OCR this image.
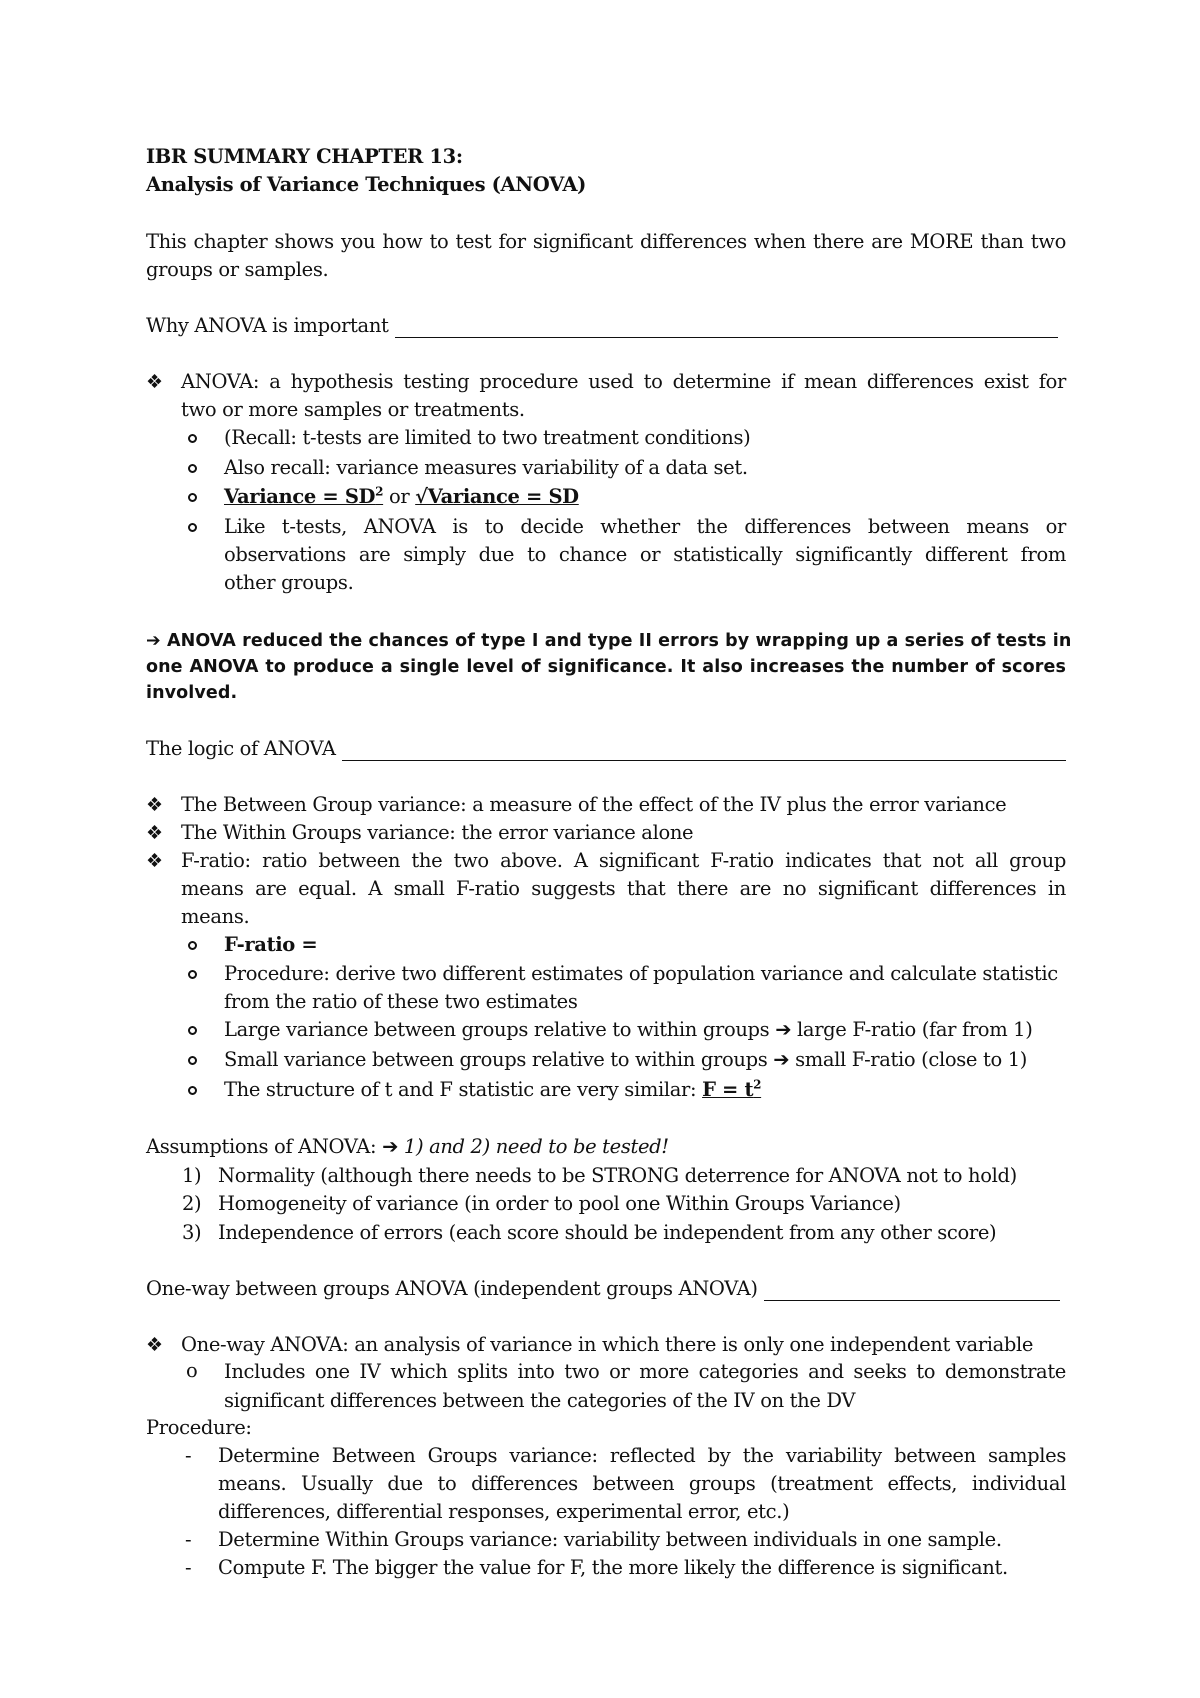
IBR SUMMARY CHAPTER 13:
Analysis of Variance Techniques (ANOVA)
This chapter shows you how to test for significant differences when there are MORE than two
groups or samples.
Why ANOVA is important
❖ ANOVA: a hypothesis testing procedure used to determine if mean differences exist for
two or more samples or treatments.
(Recall: t-tests are limited to two treatment conditions)
Also recall: variance measures variability of a data set.
Variance = $SD^2$ or √Variance = SD
Like t-tests, ANOVA is to decide whether the differences between means or
observations are simply due to chance or statistically significantly different from
other groups.
➔ ANOVA reduced the chances of type I and type II errors by wrapping up a series of tests in
one ANOVA to produce a single level of significance. It also increases the number of scores
involved.
The logic of ANOVA
❖ The Between Group variance: a measure of the effect of the IV plus the error variance
❖ The Within Groups variance: the error variance alone
❖ F-ratio: ratio between the two above. A significant F-ratio indicates that not all group
means are equal. A small F-ratio suggests that there are no significant differences in
means.
F-ratio =
Procedure: derive two different estimates of population variance and calculate statistic
from the ratio of these two estimates
Large variance between groups relative to within groups ➔ large F-ratio (far from 1)
Small variance between groups relative to within groups ➔ small F-ratio (close to 1)
The structure of t and F statistic are very similar: $F = t^2$
Assumptions of ANOVA: ➔ 1) and 2) need to be tested!
1) Normality (although there needs to be STRONG deterrence for ANOVA not to hold)
2) Homogeneity of variance (in order to pool one Within Groups Variance)
3) Independence of errors (each score should be independent from any other score)
One-way between groups ANOVA (independent groups ANOVA)
❖ One-way ANOVA: an analysis of variance in which there is only one independent variable
o	Includes one IV which splits into two or more categories and seeks to demonstrate
significant differences between the categories of the IV on the DV
Procedure:
-	Determine Between Groups variance: reflected by the variability between samples
means. Usually due to differences between groups (treatment effects, individual
differences, differential responses, experimental error, etc.)
-	Determine Within Groups variance: variability between individuals in one sample.
-	Compute F. The bigger the value for F, the more likely the difference is significant.
